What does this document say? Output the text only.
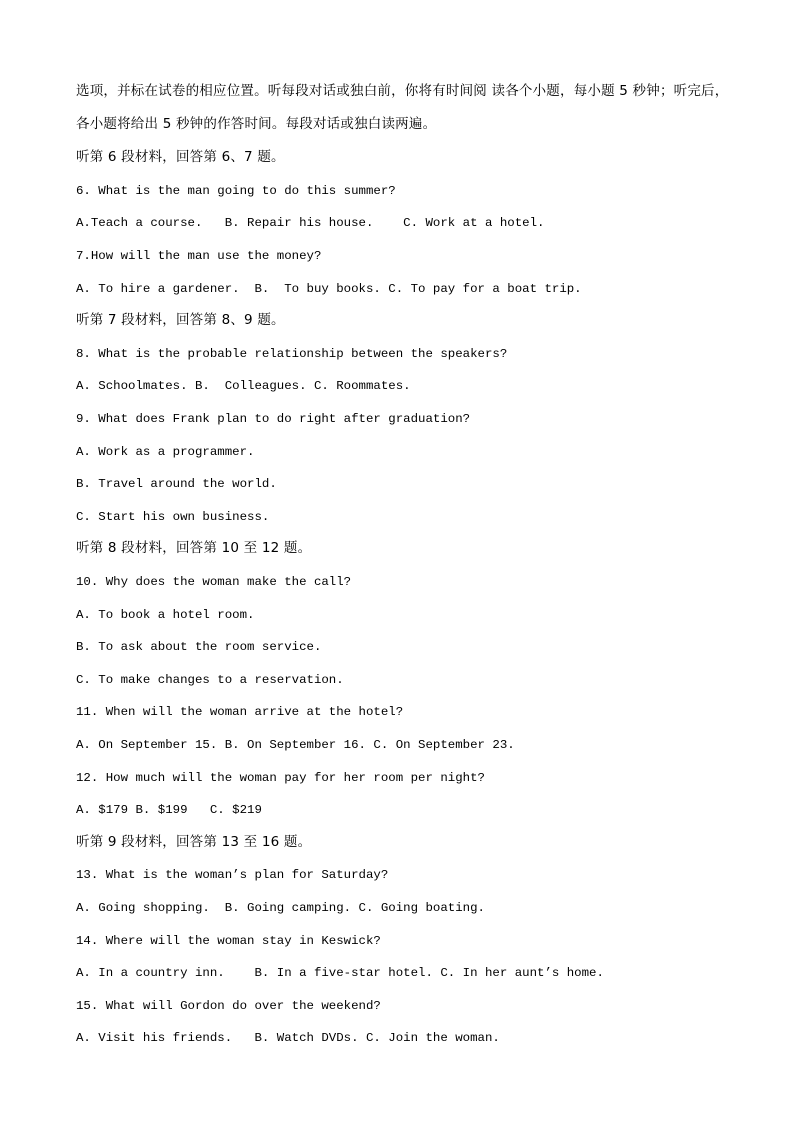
选项，并标在试卷的相应位置。听每段对话或独白前，你将有时间阅 读各个小题，每小题 5 秒钟；听完后，
各小题将给出 5 秒钟的作答时间。每段对话或独白读两遍。
听第 6 段材料，回答第 6、7 题。
6. What is the man going to do this summer?
A.Teach a course.   B. Repair his house.    C. Work at a hotel.
7.How will the man use the money?
A. To hire a gardener.  B.  To buy books. C. To pay for a boat trip.
听第 7 段材料，回答第 8、9 题。
8. What is the probable relationship between the speakers?
A. Schoolmates. B.  Colleagues. C. Roommates.
9. What does Frank plan to do right after graduation?
A. Work as a programmer.
B. Travel around the world.
C. Start his own business.
听第 8 段材料，回答第 10 至 12 题。
10. Why does the woman make the call?
A. To book a hotel room.
B. To ask about the room service.
C. To make changes to a reservation.
11. When will the woman arrive at the hotel?
A. On September 15. B. On September 16. C. On September 23.
12. How much will the woman pay for her room per night?
A. $179 B. $199   C. $219
听第 9 段材料，回答第 13 至 16 题。
13. What is the woman’s plan for Saturday?
A. Going shopping.  B. Going camping. C. Going boating.
14. Where will the woman stay in Keswick?
A. In a country inn.    B. In a five-star hotel. C. In her aunt’s home.
15. What will Gordon do over the weekend?
A. Visit his friends.   B. Watch DVDs. C. Join the woman.
